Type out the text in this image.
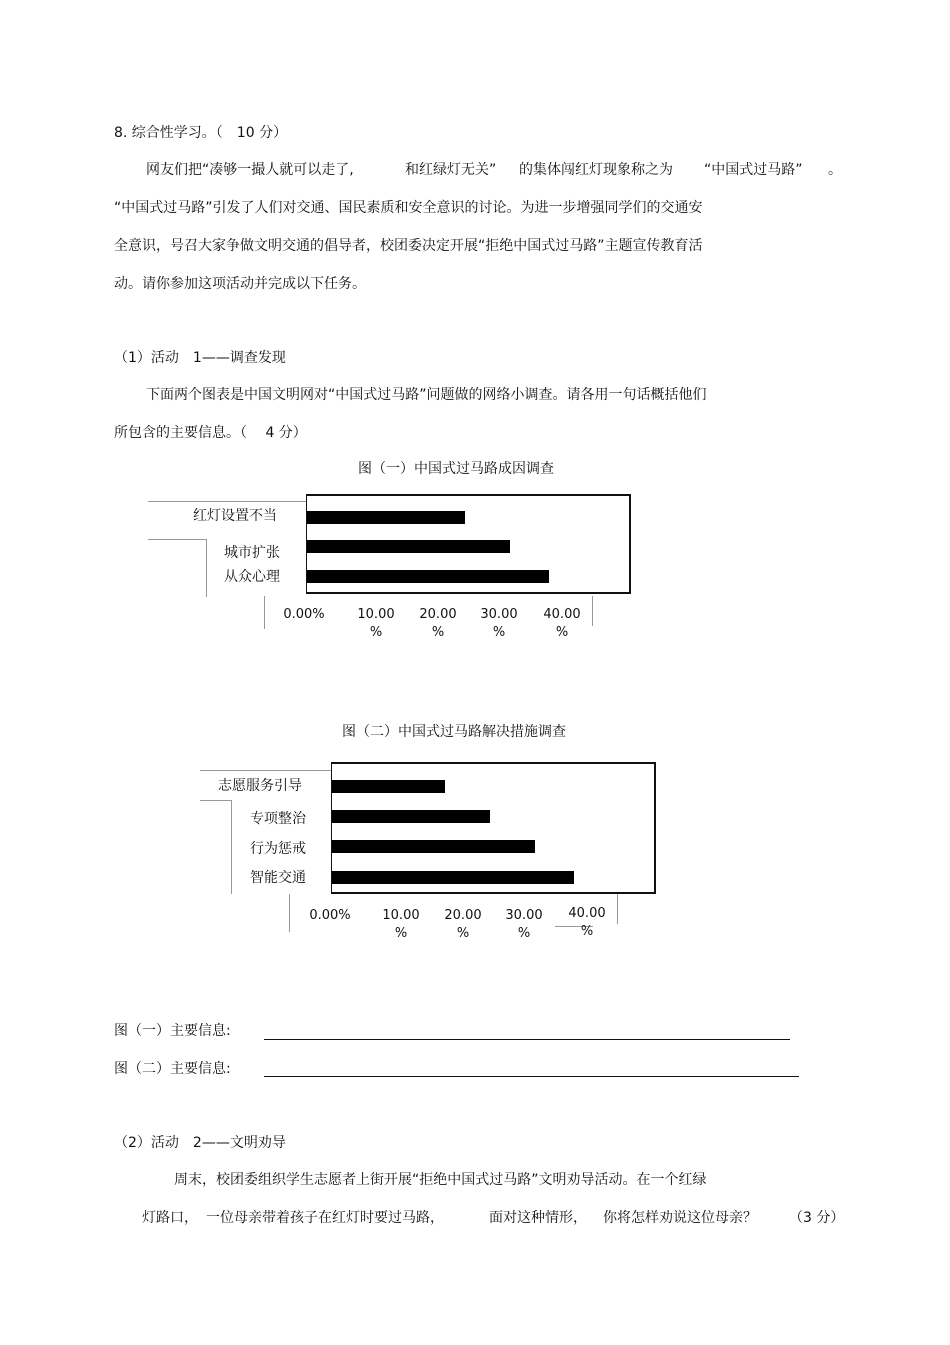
8. 综合性学习。（　10 分）
网友们把“凑够一撮人就可以走了,	和红绿灯无关” 的集体闯红灯现象称之为 “中国式过马路” 。
“中国式过马路”引发了人们对交通、国民素质和安全意识的讨论。为进一步增强同学们的交通安
全意识，号召大家争做文明交通的倡导者，校团委决定开展“拒绝中国式过马路”主题宣传教育活
动。请你参加这项活动并完成以下任务。
（1）活动　1——调查发现
下面两个图表是中国文明网对“中国式过马路”问题做的网络小调查。请各用一句话概括他们
所包含的主要信息。（　 4 分）
图（一）中国式过马路成因调查
红灯设置不当
城市扩张
从众心理
0.00%	10.00
%
20.00
%
30.00
%
40.00
%
图（二）中国式过马路解决措施调查
志愿服务引导
专项整治
行为惩戒
智能交通
0.00%	10.00
%
20.00
%
30.00
%
40.00
%
图（一）主要信息:
图（二）主要信息:
（2）活动　2——文明劝导
周末，校团委组织学生志愿者上街开展“拒绝中国式过马路”文明劝导活动。在一个红绿
灯路口， 一位母亲带着孩子在红灯时要过马路，	面对这种情形， 你将怎样劝说这位母亲？ （3 分）
